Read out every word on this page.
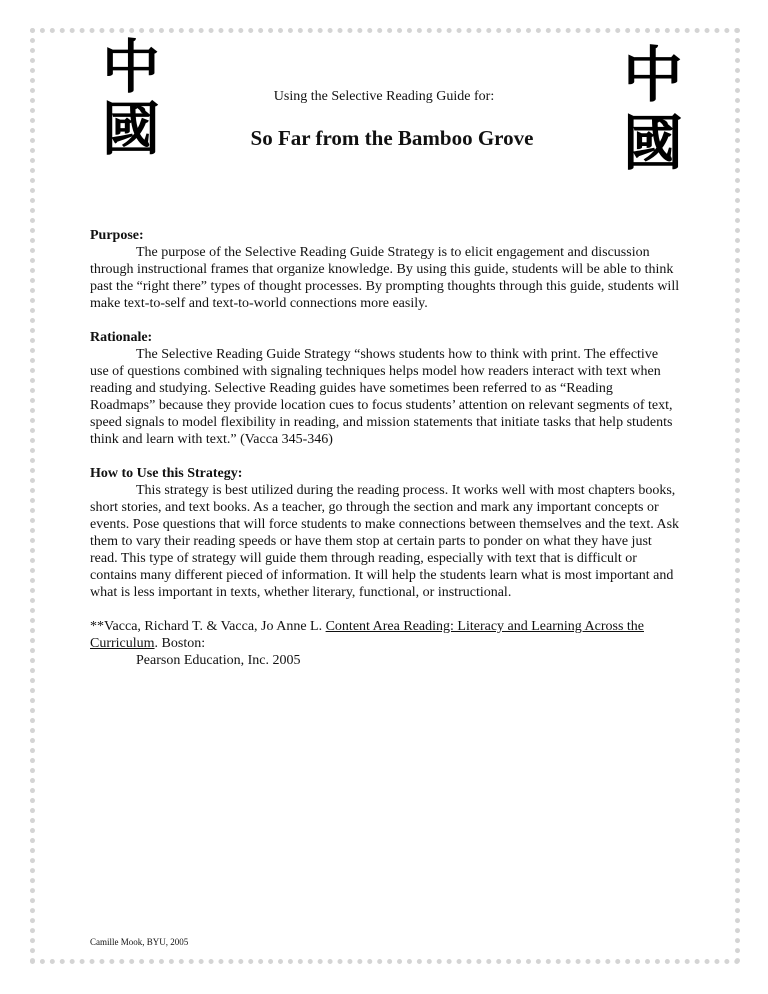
中
國
中
國
Using the Selective Reading Guide for:
So Far from the Bamboo Grove
Purpose:

The purpose of the Selective Reading Guide Strategy is to elicit engagement and discussion through instructional frames that organize knowledge. By using this guide, students will be able to think past the “right there” types of thought processes. By prompting thoughts through this guide, students will make text-to-self and text-to-world connections more easily.

Rationale:

The Selective Reading Guide Strategy “shows students how to think with print. The effective use of questions combined with signaling techniques helps model how readers interact with text when reading and studying. Selective Reading guides have sometimes been referred to as “Reading Roadmaps” because they provide location cues to focus students’ attention on relevant segments of text, speed signals to model flexibility in reading, and mission statements that initiate tasks that help students think and learn with text.” (Vacca 345-346)

How to Use this Strategy:

This strategy is best utilized during the reading process. It works well with most chapters books, short stories, and text books. As a teacher, go through the section and mark any important concepts or events. Pose questions that will force students to make connections between themselves and the text. Ask them to vary their reading speeds or have them stop at certain parts to ponder on what they have just read. This type of strategy will guide them through reading, especially with text that is difficult or contains many different pieced of information. It will help the students learn what is most important and what is less important in texts, whether literary, functional, or instructional.

**Vacca, Richard T. & Vacca, Jo Anne L. Content Area Reading: Literacy and Learning Across the Curriculum. Boston:
Pearson Education, Inc. 2005
Camille Mook, BYU, 2005
